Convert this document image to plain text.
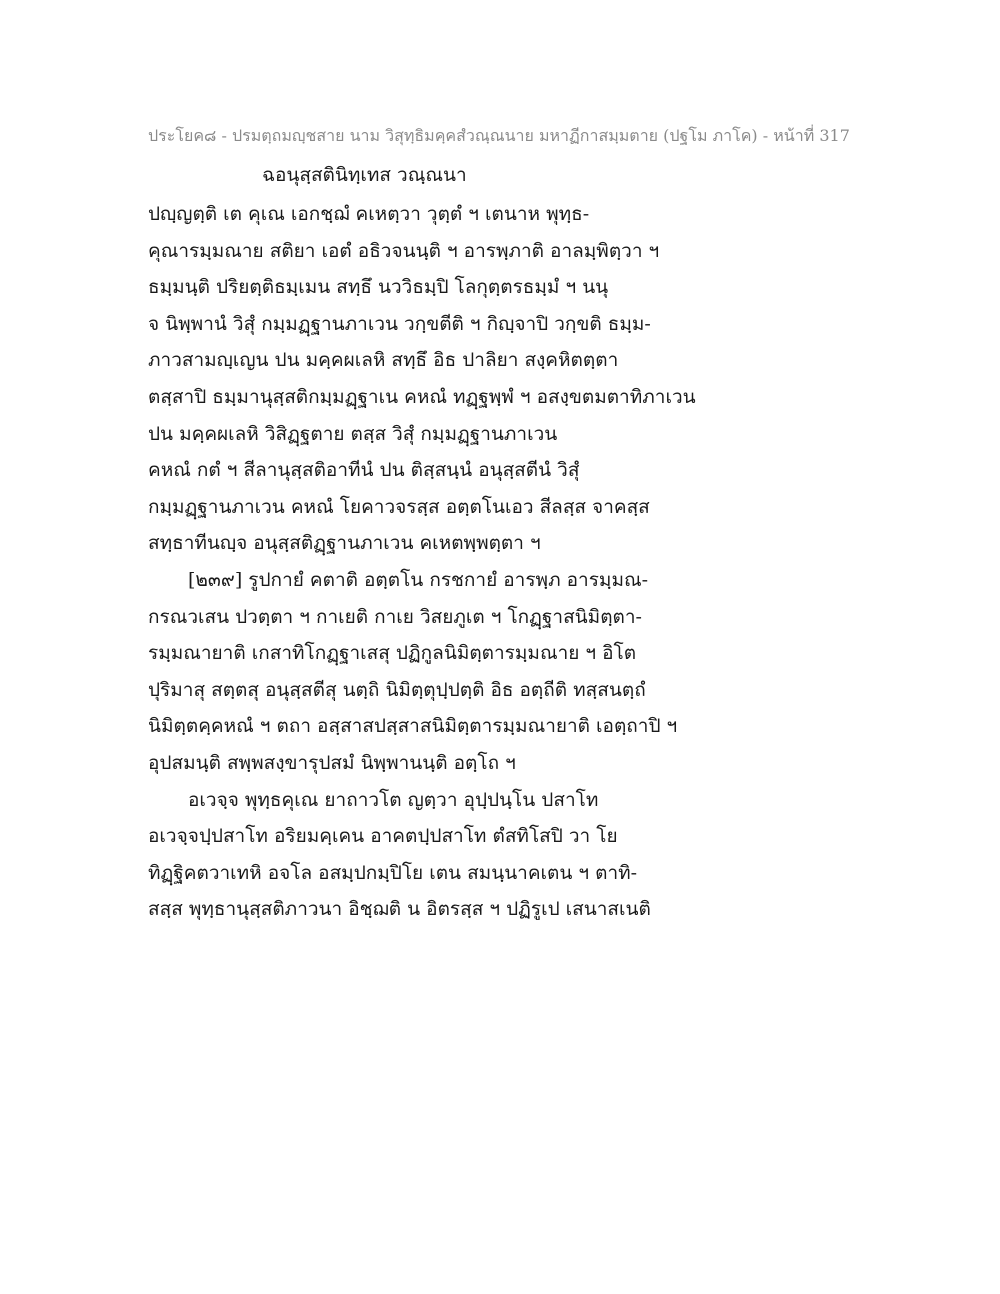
ประโยค๘ - ปรมตฺถมญฺชสาย นาม วิสุทฺธิมคฺคสํวณฺณนาย มหาฏีกาสมฺมตาย (ปฐโม ภาโค) - หน้าที่ 317
ฉอนุสฺสตินิทฺเทส วณฺณนา
ปญฺญตฺติ เต คุเณ เอกชฺฌํ คเหตฺวา วุตฺตํ ฯ เตนาห พุทฺธ-
คุณารมฺมณาย สติยา เอตํ อธิวจนนฺติ ฯ อารพฺภาติ อาลมฺพิตฺวา ฯ
ธมฺมนฺติ ปริยตฺติธมฺเมน สทฺธึ นววิธมฺปิ โลกุตฺตรธมฺมํ ฯ นนุ
จ นิพฺพานํ วิสุํ กมฺมฏฺฐานภาเวน วกฺขตีติ ฯ กิญฺจาปิ วกฺขติ ธมฺม-
ภาวสามญฺเญน ปน มคฺคผเลหิ สทฺธึ อิธ ปาลิยา สงฺคหิตตฺตา
ตสฺสาปิ ธมฺมานุสฺสติกมฺมฏฺฐาเน คหณํ ทฏฺฐพฺพํ ฯ อสงฺขตมตาทิภาเวน
ปน มคฺคผเลหิ วิสิฏฺฐตาย ตสฺส วิสุํ กมฺมฏฺฐานภาเวน
คหณํ กตํ ฯ สีลานุสฺสติอาทีนํ ปน ติสฺสนฺนํ อนุสฺสตีนํ วิสุํ
กมฺมฏฺฐานภาเวน คหณํ โยคาวจรสฺส อตฺตโนเอว สีลสฺส จาคสฺส
สทฺธาทีนญฺจ อนุสฺสติฏฺฐานภาเวน คเหตพฺพตฺตา ฯ
[๒๓๙] รูปกายํ คตาติ อตฺตโน กรชกายํ อารพฺภ อารมฺมณ-
กรณวเสน ปวตฺตา ฯ กาเยติ กาเย วิสยภูเต ฯ โกฏฺฐาสนิมิตฺตา-
รมฺมณายาติ เกสาทิโกฏฺฐาเสสุ ปฏิกูลนิมิตฺตารมฺมณาย ฯ อิโต
ปุริมาสุ สตฺตสุ อนุสฺสตีสุ นตฺถิ นิมิตฺตุปฺปตฺติ อิธ อตฺถีติ ทสฺสนตฺถํ
นิมิตฺตคฺคหณํ ฯ ตถา อสฺสาสปสฺสาสนิมิตฺตารมฺมณายาติ เอตฺถาปิ ฯ
อุปสมนฺติ สพฺพสงฺขารุปสมํ นิพฺพานนฺติ อตฺโถ ฯ
อเวจฺจ พุทฺธคุเณ ยาถาวโต ญตฺวา อุปฺปนฺโน ปสาโท
อเวจฺจปฺปสาโท อริยมคฺเคน อาคตปฺปสาโท ตํสทิโสปิ วา โย
ทิฏฺฐิคตวาเทหิ อจโล อสมฺปกมฺปิโย เตน สมนฺนาคเตน ฯ ตาทิ-
สสฺส พุทฺธานุสฺสติภาวนา อิชฺฌติ น อิตรสฺส ฯ ปฏิรูเป เสนาสเนติ
